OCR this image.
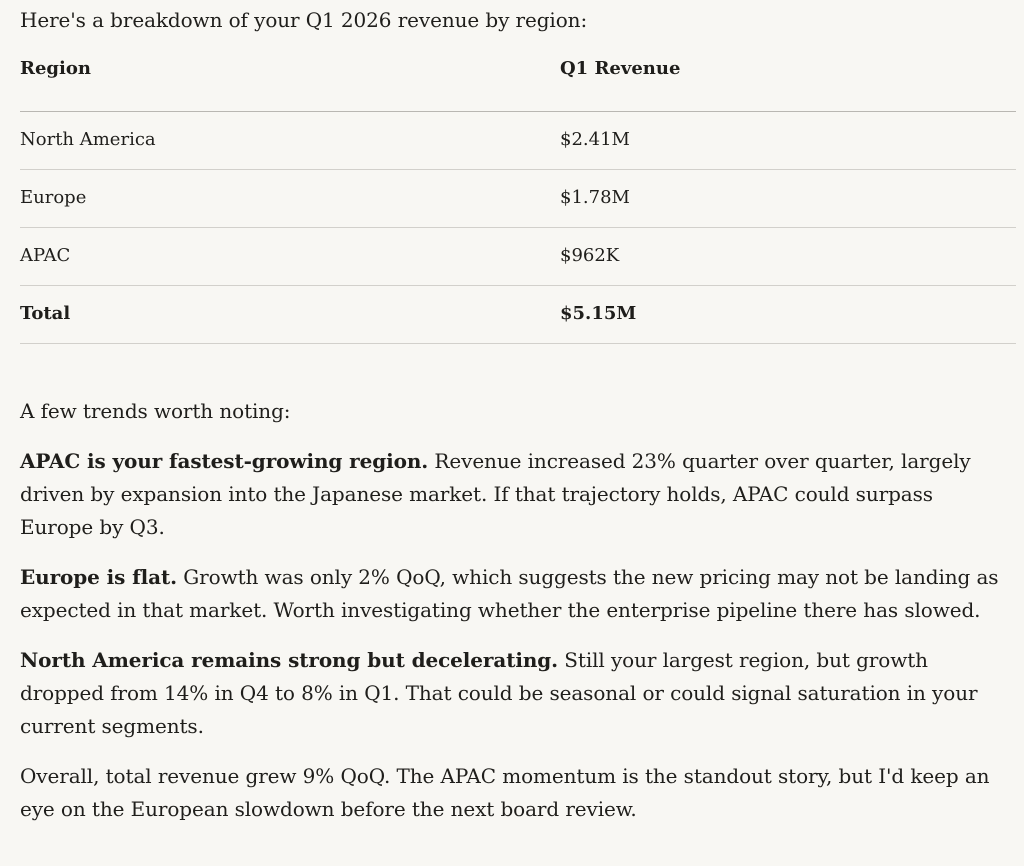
Here's a breakdown of your Q1 2026 revenue by region:

Region	Q1 Revenue
North America	$2.41M
Europe	$1.78M
APAC	$962K
Total	$5.15M

A few trends worth noting:

APAC is your fastest-growing region. Revenue increased 23% quarter over quarter, largely driven by expansion into the Japanese market. If that trajectory holds, APAC could surpass Europe by Q3.

Europe is flat. Growth was only 2% QoQ, which suggests the new pricing may not be landing as expected in that market. Worth investigating whether the enterprise pipeline there has slowed.

North America remains strong but decelerating. Still your largest region, but growth dropped from 14% in Q4 to 8% in Q1. That could be seasonal or could signal saturation in your current segments.

Overall, total revenue grew 9% QoQ. The APAC momentum is the standout story, but I'd keep an eye on the European slowdown before the next board review.
